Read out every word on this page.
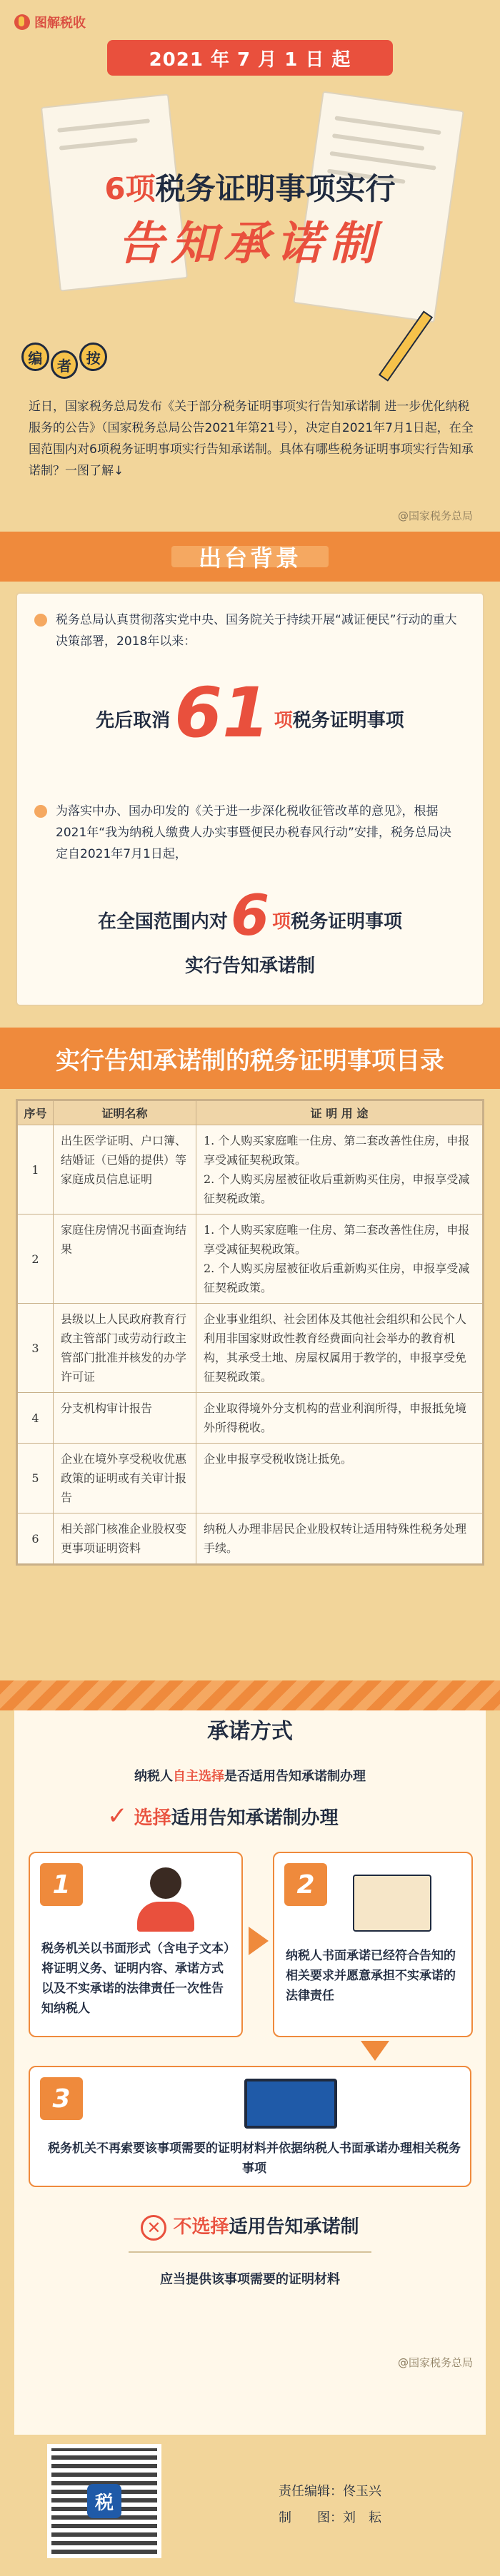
图解税收
2021 年 7 月 1 日 起
6项税务证明事项实行
告知承诺制
编	者	按
近日，国家税务总局发布《关于部分税务证明事项实行告知承诺制 进一步优化纳税服务的公告》（国家税务总局公告2021年第21号），决定自2021年7月1日起，在全国范围内对6项税务证明事项实行告知承诺制。具体有哪些税务证明事项实行告知承诺制？一图了解↓
@国家税务总局
出台背景
税务总局认真贯彻落实党中央、国务院关于持续开展“减证便民”行动的重大决策部署，2018年以来：
先后取消61 项税务证明事项
为落实中办、国办印发的《关于进一步深化税收征管改革的意见》，根据2021年“我为纳税人缴费人办实事暨便民办税春风行动”安排，税务总局决定自2021年7月1日起，
在全国范围内对6 项税务证明事项
实行告知承诺制
实行告知承诺制的税务证明事项目录
序号	证明名称	证 明 用 途
1	出生医学证明、户口簿、结婚证（已婚的提供）等家庭成员信息证明	1. 个人购买家庭唯一住房、第二套改善性住房，申报享受减征契税政策。
2. 个人购买房屋被征收后重新购买住房，申报享受减征契税政策。
2	家庭住房情况书面查询结果	1. 个人购买家庭唯一住房、第二套改善性住房，申报享受减征契税政策。
2. 个人购买房屋被征收后重新购买住房，申报享受减征契税政策。
3	县级以上人民政府教育行政主管部门或劳动行政主管部门批准并核发的办学许可证	企业事业组织、社会团体及其他社会组织和公民个人利用非国家财政性教育经费面向社会举办的教育机构，其承受土地、房屋权属用于教学的，申报享受免征契税政策。
4	分支机构审计报告	企业取得境外分支机构的营业利润所得，申报抵免境外所得税收。
5	企业在境外享受税收优惠政策的证明或有关审计报告	企业申报享受税收饶让抵免。
6	相关部门核准企业股权变更事项证明资料	纳税人办理非居民企业股权转让适用特殊性税务处理手续。
承诺方式
纳税人自主选择是否适用告知承诺制办理
✓ 选择适用告知承诺制办理
1
税务机关以书面形式（含电子文本）将证明义务、证明内容、承诺方式以及不实承诺的法律责任一次性告知纳税人
2
纳税人书面承诺已经符合告知的相关要求并愿意承担不实承诺的法律责任
3
税务机关不再索要该事项需要的证明材料并依据纳税人书面承诺办理相关税务事项
✕ 不选择适用告知承诺制
应当提供该事项需要的证明材料
@国家税务总局
税
责任编辑：佟玉兴
制　　图：刘　耘
